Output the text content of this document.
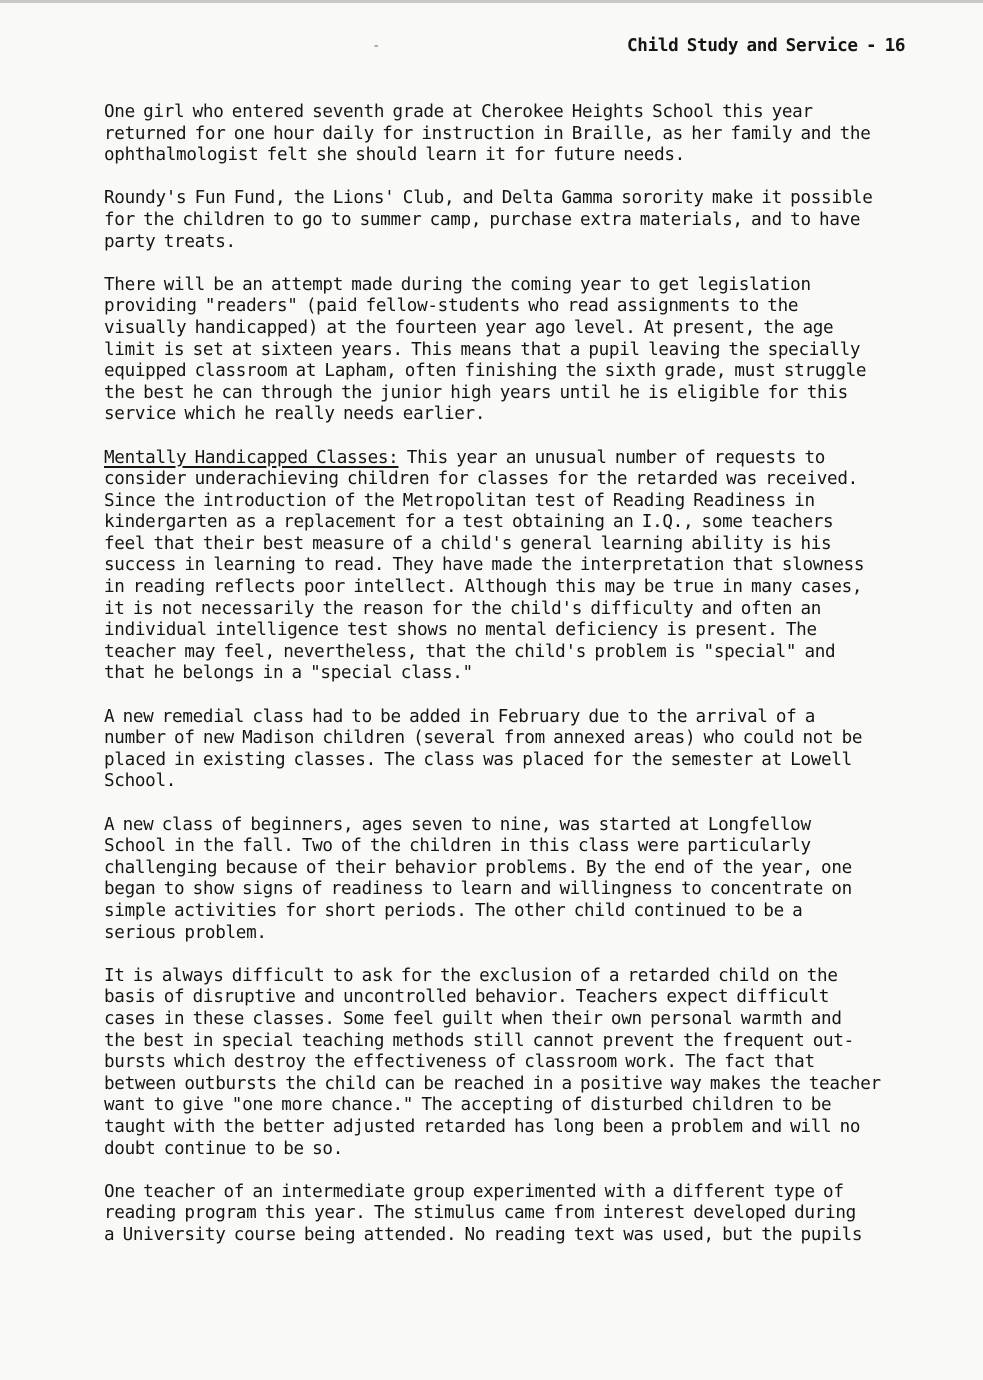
-	Child Study and Service - 16
One girl who entered seventh grade at Cherokee Heights School this year
returned for one hour daily for instruction in Braille, as her family and the
ophthalmologist felt she should learn it for future needs.
Roundy's Fun Fund, the Lions' Club, and Delta Gamma sorority make it possible
for the children to go to summer camp, purchase extra materials, and to have
party treats.
There will be an attempt made during the coming year to get legislation
providing "readers" (paid fellow-students who read assignments to the
visually handicapped) at the fourteen year ago level. At present, the age
limit is set at sixteen years. This means that a pupil leaving the specially
equipped classroom at Lapham, often finishing the sixth grade, must struggle
the best he can through the junior high years until he is eligible for this
service which he really needs earlier.
Mentally Handicapped Classes: This year an unusual number of requests to
consider underachieving children for classes for the retarded was received.
Since the introduction of the Metropolitan test of Reading Readiness in
kindergarten as a replacement for a test obtaining an I.Q., some teachers
feel that their best measure of a child's general learning ability is his
success in learning to read. They have made the interpretation that slowness
in reading reflects poor intellect. Although this may be true in many cases,
it is not necessarily the reason for the child's difficulty and often an
individual intelligence test shows no mental deficiency is present. The
teacher may feel, nevertheless, that the child's problem is "special" and
that he belongs in a "special class."
A new remedial class had to be added in February due to the arrival of a
number of new Madison children (several from annexed areas) who could not be
placed in existing classes. The class was placed for the semester at Lowell
School.
A new class of beginners, ages seven to nine, was started at Longfellow
School in the fall. Two of the children in this class were particularly
challenging because of their behavior problems. By the end of the year, one
began to show signs of readiness to learn and willingness to concentrate on
simple activities for short periods. The other child continued to be a
serious problem.
It is always difficult to ask for the exclusion of a retarded child on the
basis of disruptive and uncontrolled behavior. Teachers expect difficult
cases in these classes. Some feel guilt when their own personal warmth and
the best in special teaching methods still cannot prevent the frequent out-
bursts which destroy the effectiveness of classroom work. The fact that
between outbursts the child can be reached in a positive way makes the teacher
want to give "one more chance." The accepting of disturbed children to be
taught with the better adjusted retarded has long been a problem and will no
doubt continue to be so.
One teacher of an intermediate group experimented with a different type of
reading program this year. The stimulus came from interest developed during
a University course being attended. No reading text was used, but the pupils
